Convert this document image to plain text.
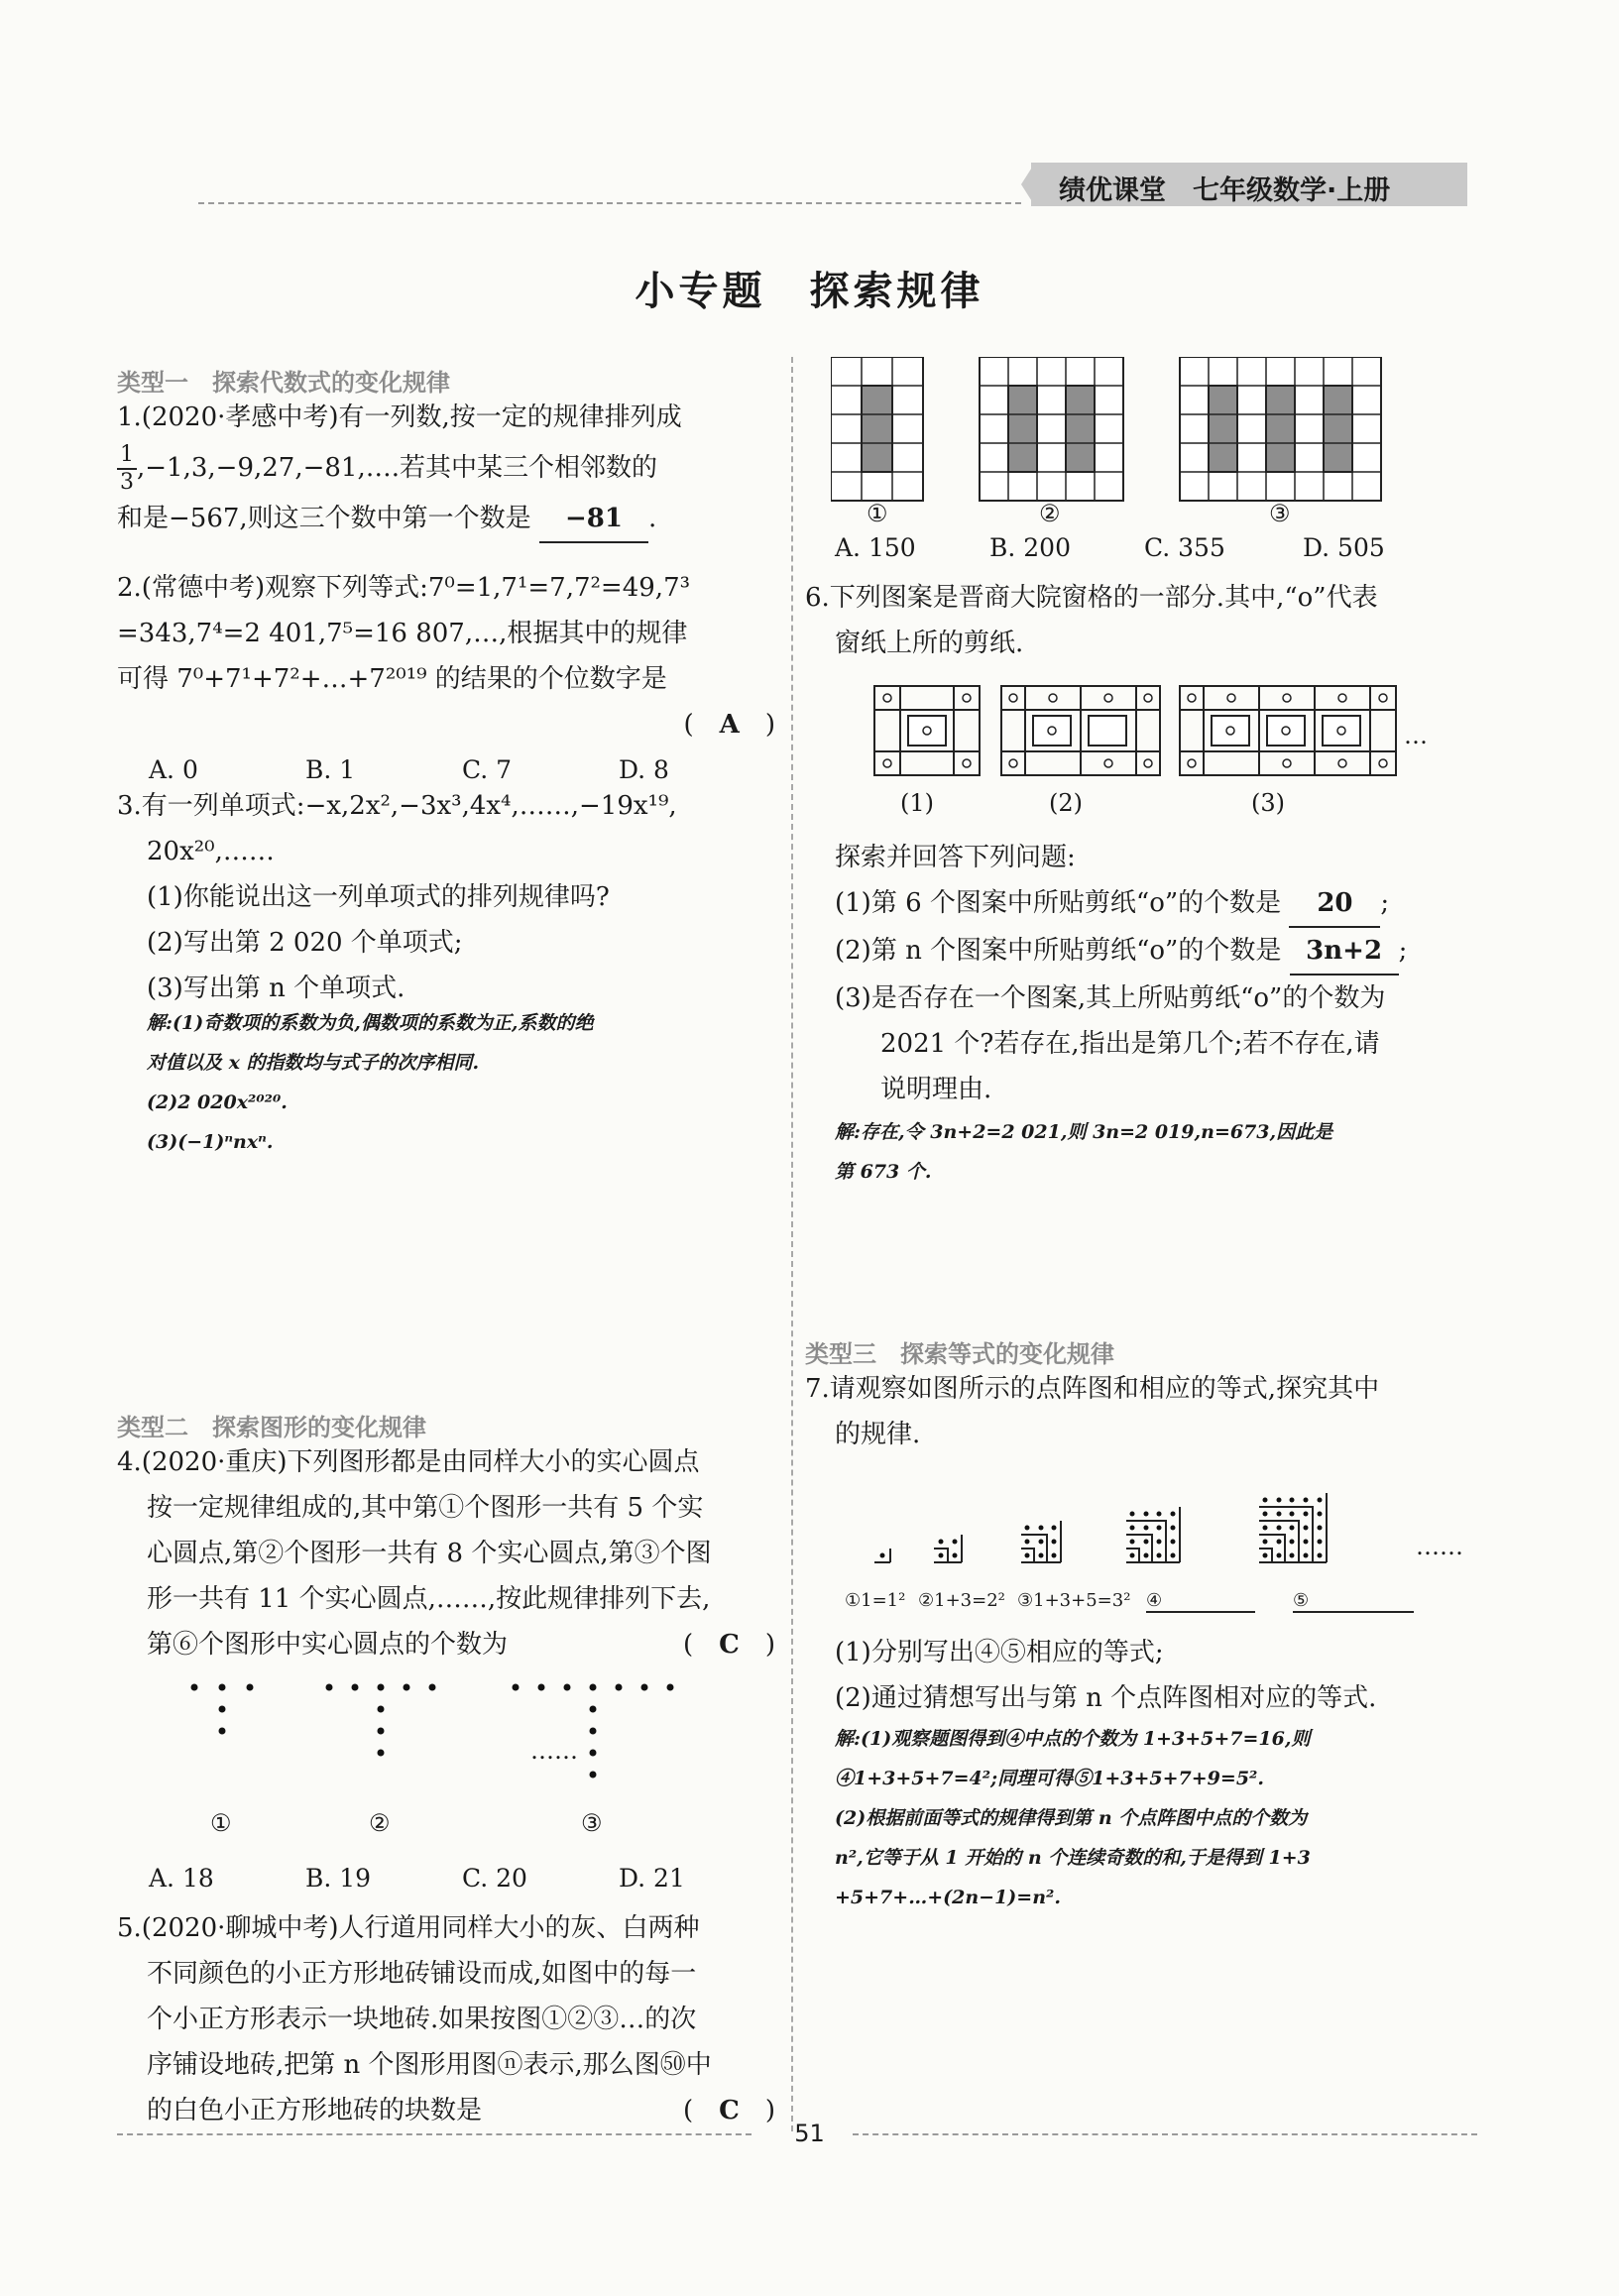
绩优课堂　 七年级数学·上册
小专题　探索规律
类型一　探索代数式的变化规律
1.(2020·孝感中考)有一列数,按一定的规律排列成
$\frac{1}{3}$ ,−1,3,−9,27,−81,….若其中某三个相邻数的
和是−567,则这三个数中第一个数是 −81 .
2.(常德中考)观察下列等式:7⁰=1,7¹=7,7²=49,7³
=343,7⁴=2 401,7⁵=16 807,…,根据其中的规律
可得 7⁰+7¹+7²+…+7²⁰¹⁹ 的结果的个位数字是
(　A　)
A. 0	B. 1	C. 7	D. 8
3.有一列单项式:−x,2x²,−3x³,4x⁴,……,−19x¹⁹,
20x²⁰,……
(1)你能说出这一列单项式的排列规律吗?
(2)写出第 2 020 个单项式;
(3)写出第 n 个单项式.
解:(1)奇数项的系数为负,偶数项的系数为正,系数的绝
对值以及 x 的指数均与式子的次序相同.
(2)2 020x²⁰²⁰.
(3)(−1)ⁿnxⁿ.
类型二　探索图形的变化规律
4.(2020·重庆)下列图形都是由同样大小的实心圆点
按一定规律组成的,其中第①个图形一共有 5 个实
心圆点,第②个图形一共有 8 个实心圆点,第③个图
形一共有 11 个实心圆点,……,按此规律排列下去,
第⑥个图形中实心圆点的个数为	(　C　)
……
①	②	③
A. 18	B. 19	C. 20	D. 21
5.(2020·聊城中考)人行道用同样大小的灰、白两种
不同颜色的小正方形地砖铺设而成,如图中的每一
个小正方形表示一块地砖.如果按图①②③…的次
序铺设地砖,把第 n 个图形用图ⓝ表示,那么图㊿中
的白色小正方形地砖的块数是	(　C　)
①	②	③
A. 150	B. 200	C. 355	D. 505
6.下列图案是晋商大院窗格的一部分.其中,“o”代表
窗纸上所的剪纸.
…
(1)	(2)	(3)
探索并回答下列问题:
(1)第 6 个图案中所贴剪纸“o”的个数是 20 ;
(2)第 n 个图案中所贴剪纸“o”的个数是 3n+2 ;
(3)是否存在一个图案,其上所贴剪纸“o”的个数为
2021 个?若存在,指出是第几个;若不存在,请
说明理由.
解:存在,令 3n+2=2 021,则 3n=2 019,n=673,因此是
第 673 个.
类型三　探索等式的变化规律
7.请观察如图所示的点阵图和相应的等式,探究其中
的规律.
……
①1=1² ②1+3=2² ③1+3+5=3² ④	⑤
(1)分别写出④⑤相应的等式;
(2)通过猜想写出与第 n 个点阵图相对应的等式.
解:(1)观察题图得到④中点的个数为 1+3+5+7=16,则
④1+3+5+7=4²;同理可得⑤1+3+5+7+9=5².
(2)根据前面等式的规律得到第 n 个点阵图中点的个数为
n²,它等于从 1 开始的 n 个连续奇数的和,于是得到 1+3
+5+7+…+(2n−1)=n².
51
